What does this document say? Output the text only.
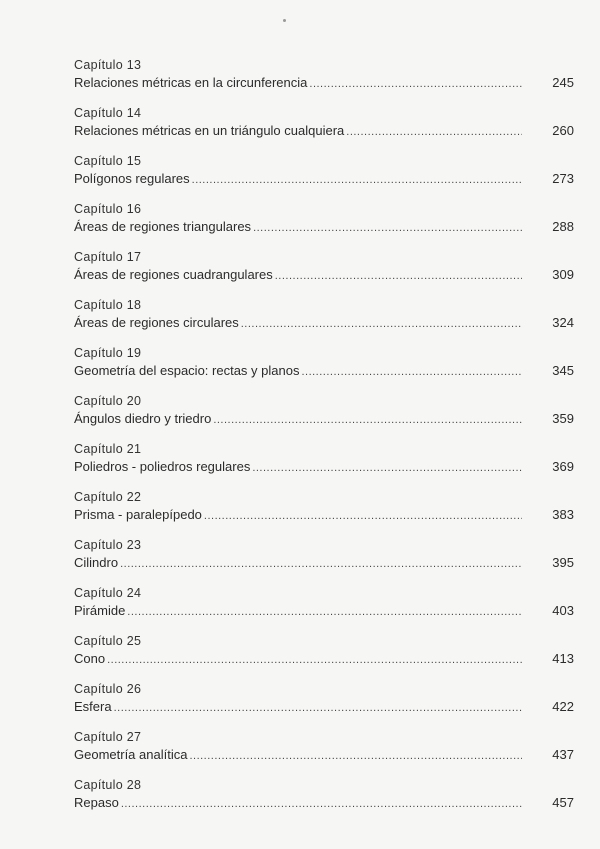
Capítulo 13
Relaciones métricas en la circunferencia .....	245
Capítulo 14
Relaciones métricas en un triángulo cualquiera .....	260
Capítulo 15
Polígonos regulares .....	273
Capítulo 16
Áreas de regiones triangulares .....	288
Capítulo 17
Áreas de regiones cuadrangulares .....	309
Capítulo 18
Áreas de regiones circulares .....	324
Capítulo 19
Geometría del espacio: rectas y planos .....	345
Capítulo 20
Ángulos diedro y triedro .....	359
Capítulo 21
Poliedros - poliedros regulares .....	369
Capítulo 22
Prisma - paralepípedo .....	383
Capítulo 23
Cilindro .....	395
Capítulo 24
Pirámide .....	403
Capítulo 25
Cono .....	413
Capítulo 26
Esfera .....	422
Capítulo 27
Geometría analítica .....	437
Capítulo 28
Repaso .....	457
